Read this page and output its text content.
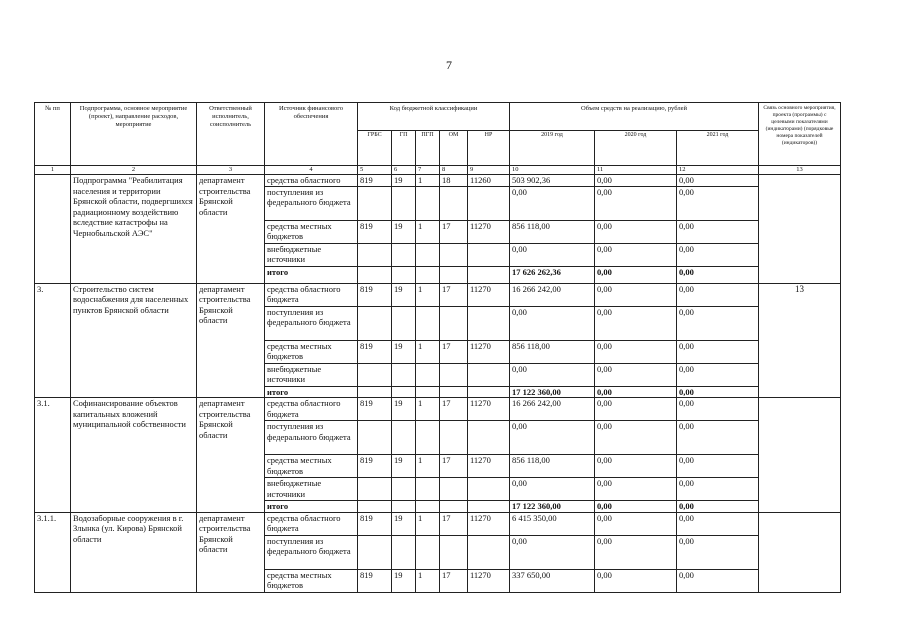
7
№ пп	Подпрограмма, основное мероприятие (проект), направление расходов, мероприятие	Ответственный исполнитель, соисполнитель	Источник финансового обеспечения	Код бюджетной классификации					Объем средств на реализацию, рублей			Связь основного мероприятия, проекта (программы) с целевыми показателями (индикаторами) (порядковые номера показателей (индикаторов))
				ГРБС	ГП	ПГП	ОМ	НР	2019 год	2020 год	2021 год	
1	2	3	4	5	6	7	8	9	10	11	12	13
	Подпрограмма "Реабилитация населения и территории Брянской области, подвергшихся радиационному воздействию вследствие катастрофы на Чернобыльской АЭС"	департамент строительства Брянской области	средства областного	819	19	1	18	11260	503 902,36	0,00	0,00	
			поступления из федерального бюджета						0,00	0,00	0,00	
			средства местных бюджетов	819	19	1	17	11270	856 118,00	0,00	0,00	
			внебюджетные источники						0,00	0,00	0,00	
			итого						17 626 262,36	0,00	0,00	
3.	Строительство систем водоснабжения для населенных пунктов Брянской области	департамент строительства Брянской области	средства областного бюджета	819	19	1	17	11270	16 266 242,00	0,00	0,00	13
			поступления из федерального бюджета						0,00	0,00	0,00	
			средства местных бюджетов	819	19	1	17	11270	856 118,00	0,00	0,00	
			внебюджетные источники						0,00	0,00	0,00	
			итого						17 122 360,00	0,00	0,00	
3.1.	Софинансирование объектов капитальных вложений муниципальной собственности	департамент строительства Брянской области	средства областного бюджета	819	19	1	17	11270	16 266 242,00	0,00	0,00	
			поступления из федерального бюджета						0,00	0,00	0,00	
			средства местных бюджетов	819	19	1	17	11270	856 118,00	0,00	0,00	
			внебюджетные источники						0,00	0,00	0,00	
			итого						17 122 360,00	0,00	0,00	
3.1.1.	Водозаборные сооружения в г. Злынка (ул. Кирова) Брянской области	департамент строительства Брянской области	средства областного бюджета	819	19	1	17	11270	6 415 350,00	0,00	0,00	
			поступления из федерального бюджета						0,00	0,00	0,00	
			средства местных бюджетов	819	19	1	17	11270	337 650,00	0,00	0,00	
